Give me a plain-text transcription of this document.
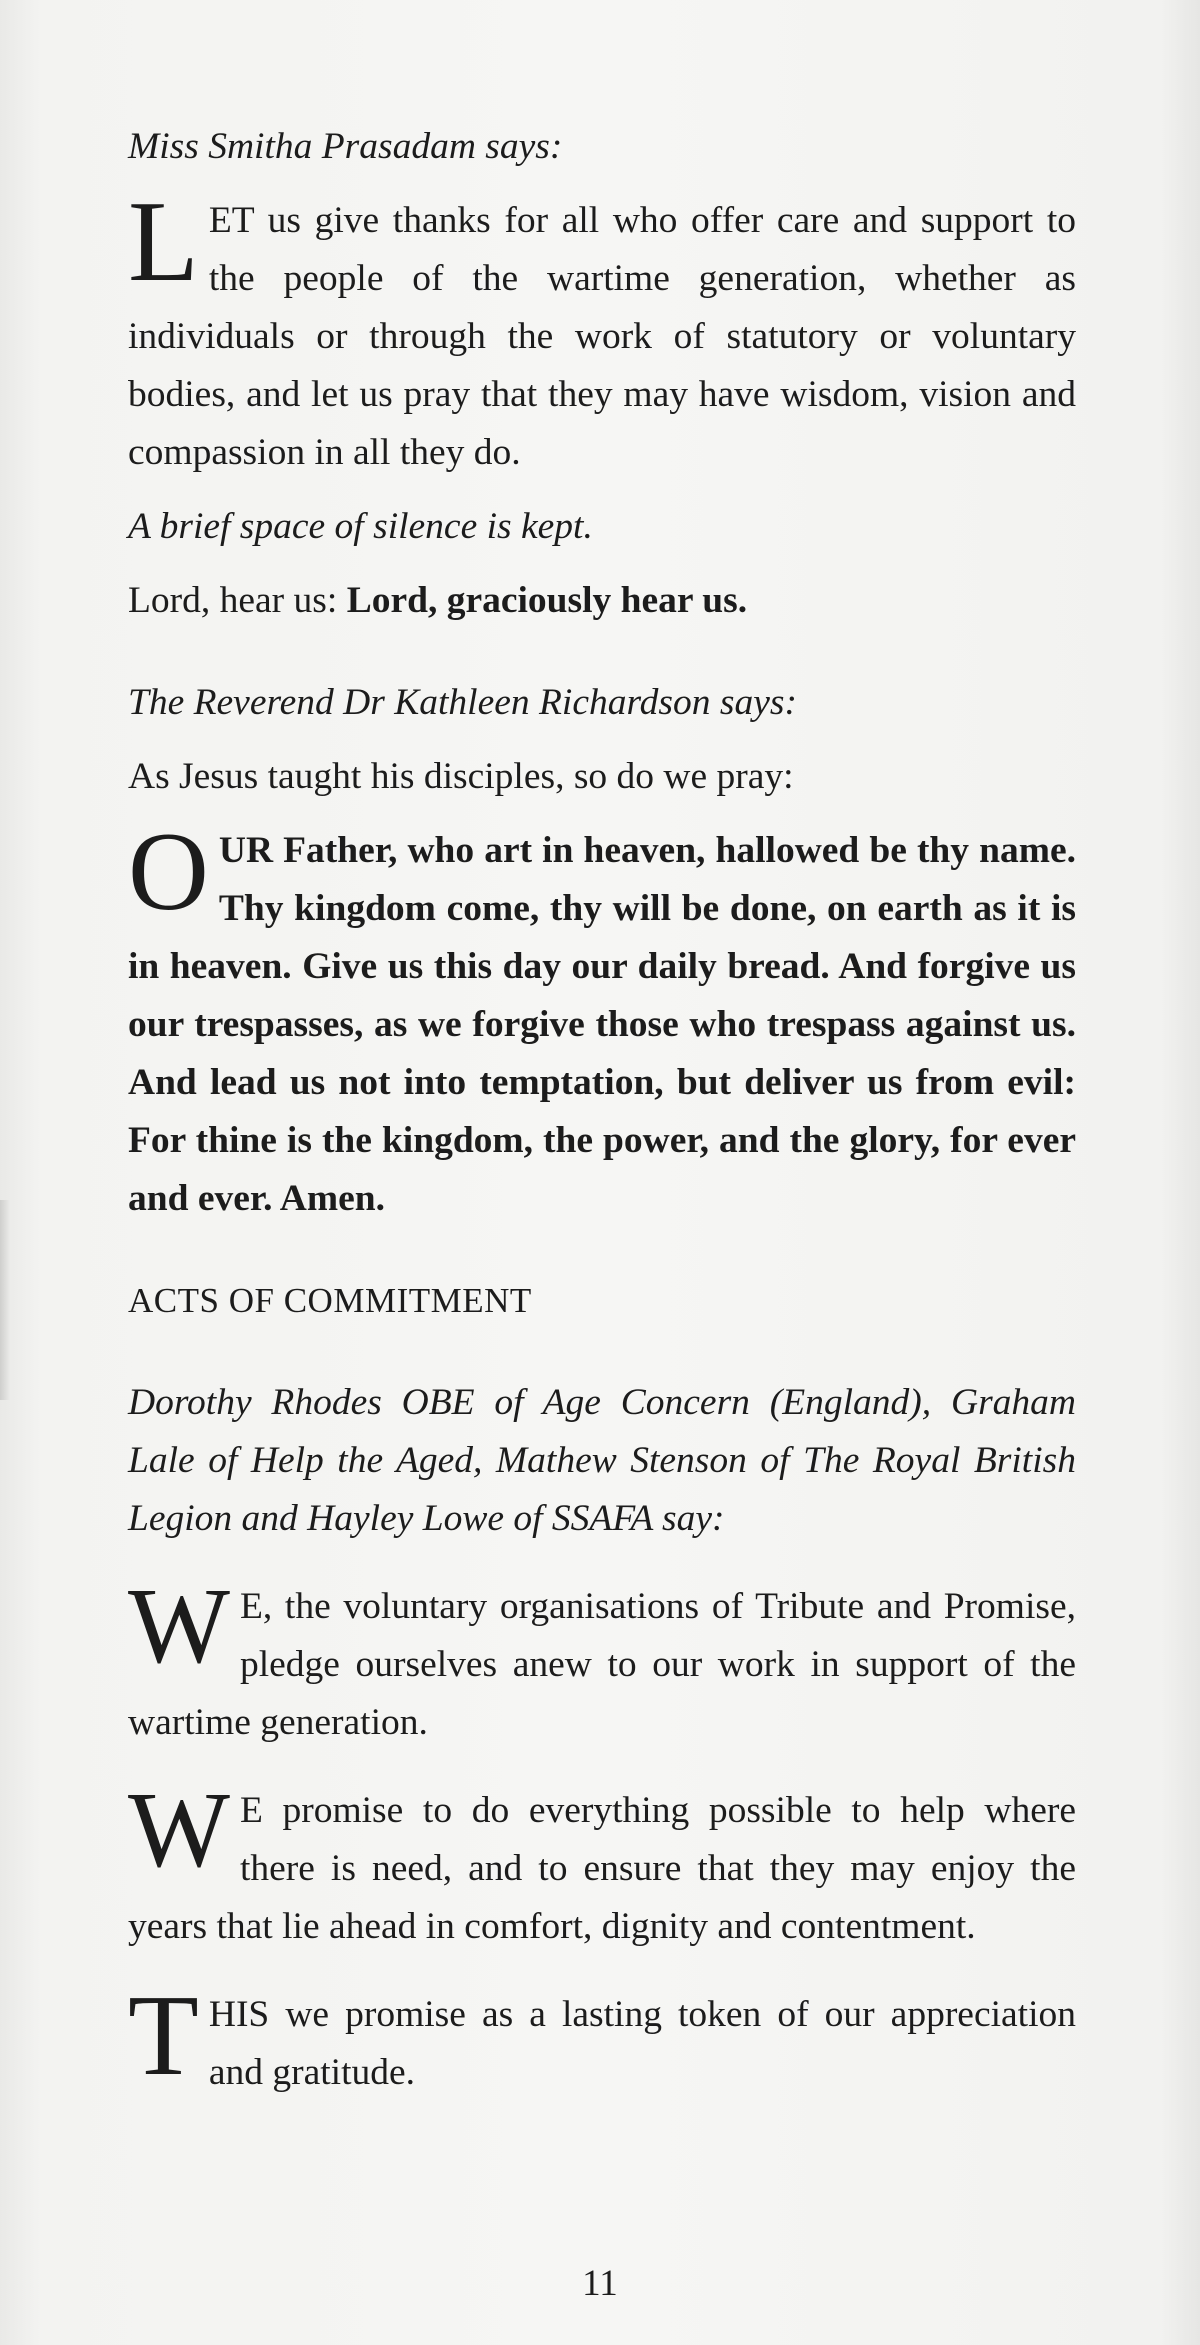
Miss Smitha Prasadam says:

L ET us give thanks for all who offer care and support to the people of the wartime generation, whether as individuals or through the work of statutory or voluntary bodies, and let us pray that they may have wisdom, vision and compassion in all they do.

A brief space of silence is kept.

Lord, hear us: Lord, graciously hear us.

The Reverend Dr Kathleen Richardson says:

As Jesus taught his disciples, so do we pray:

O UR Father, who art in heaven, hallowed be thy name. Thy kingdom come, thy will be done, on earth as it is in heaven. Give us this day our daily bread. And forgive us our trespasses, as we forgive those who trespass against us. And lead us not into temptation, but deliver us from evil: For thine is the kingdom, the power, and the glory, for ever and ever. Amen.

ACTS OF COMMITMENT

Dorothy Rhodes OBE of Age Concern (England), Graham Lale of Help the Aged, Mathew Stenson of The Royal British Legion and Hayley Lowe of SSAFA say:

W E, the voluntary organisations of Tribute and Promise, pledge ourselves anew to our work in support of the wartime generation.

W E promise to do everything possible to help where there is need, and to ensure that they may enjoy the years that lie ahead in comfort, dignity and contentment.

T HIS we promise as a lasting token of our appreciation and gratitude.

11
